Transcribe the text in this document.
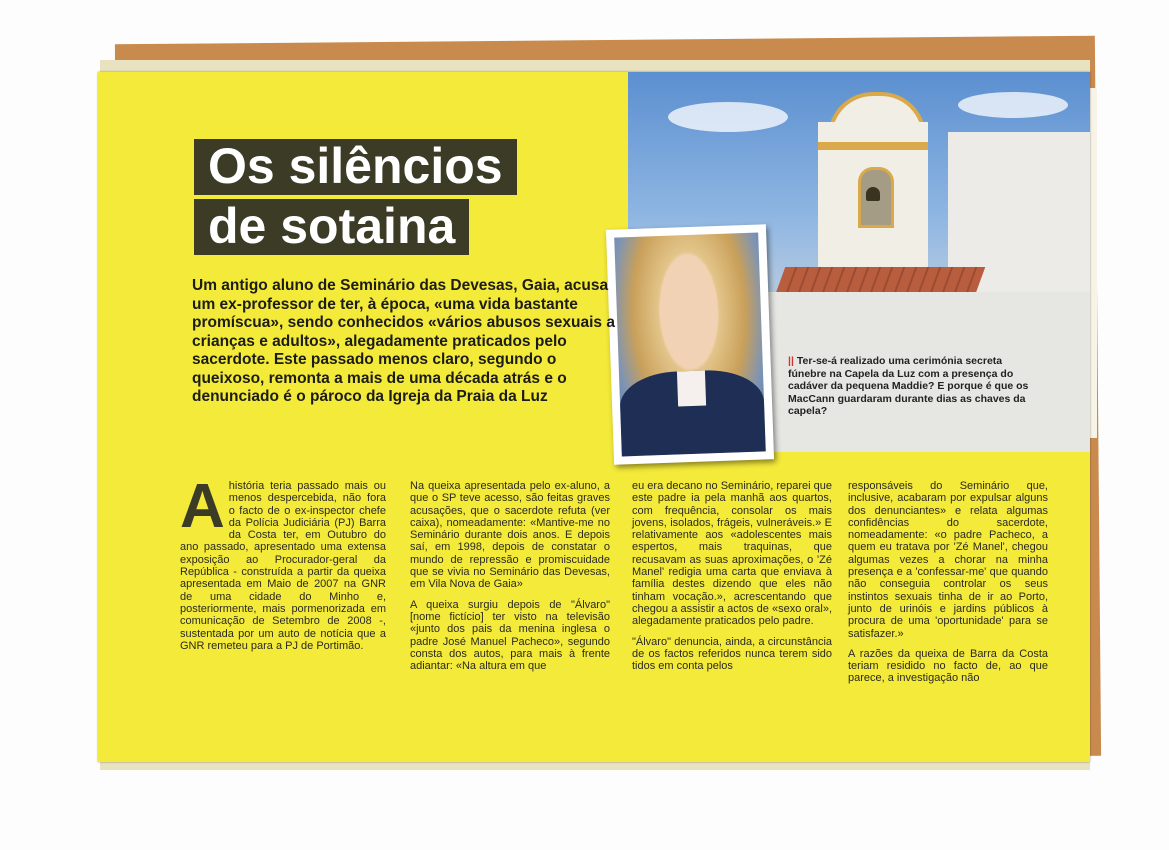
|| Ter-se-á realizado uma cerimónia secreta fúnebre na Capela da Luz com a presença do cadáver da pequena Maddie? E porque é que os MacCann guardaram durante dias as chaves da capela?
Os silêncios
de sotaina
Um antigo aluno de Seminário das Devesas, Gaia, acusa um ex-professor de ter, à época, «uma vida bastante promíscua», sendo conhecidos «vários abusos sexuais a crianças e adultos», alegadamente praticados pelo sacerdote. Este passado menos claro, segundo o queixoso, remonta a mais de uma década atrás e o denunciado é o pároco da Igreja da Praia da Luz

Ahistória teria passado mais ou menos despercebida, não fora o facto de o ex-inspector chefe da Polícia Judiciária (PJ) Barra da Costa ter, em Outubro do ano passado, apresentado uma extensa exposição ao Procurador-geral da República - construída a partir da queixa apresentada em Maio de 2007 na GNR de uma cidade do Minho e, posteriormente, mais pormenorizada em comunicação de Setembro de 2008 -, sustentada por um auto de notícia que a GNR remeteu para a PJ de Portimão.

Na queixa apresentada pelo ex-aluno, a que o SP teve acesso, são feitas graves acusações, que o sacerdote refuta (ver caixa), nomeadamente: «Mantive-me no Seminário durante dois anos. E depois saí, em 1998, depois de constatar o mundo de repressão e promiscuidade que se vivia no Seminário das Devesas, em Vila Nova de Gaia»

A queixa surgiu depois de "Álvaro" [nome fictício] ter visto na televisão «junto dos pais da menina inglesa o padre José Manuel Pacheco», segundo consta dos autos, para mais à frente adiantar: «Na altura em que

eu era decano no Seminário, reparei que este padre ia pela manhã aos quartos, com frequência, consolar os mais jovens, isolados, frágeis, vulneráveis.» E relativamente aos «adolescentes mais espertos, mais traquinas, que recusavam as suas aproximações, o 'Zé Manel' redigia uma carta que enviava à família destes dizendo que eles não tinham vocação.», acrescentando que chegou a assistir a actos de «sexo oral», alegadamente praticados pelo padre.

"Álvaro" denuncia, ainda, a circunstância de os factos referidos nunca terem sido tidos em conta pelos

responsáveis do Seminário que, inclusive, acabaram por expulsar alguns dos denunciantes» e relata algumas confidências do sacerdote, nomeadamente: «o padre Pacheco, a quem eu tratava por 'Zé Manel', chegou algumas vezes a chorar na minha presença e a 'confessar-me' que quando não conseguia controlar os seus instintos sexuais tinha de ir ao Porto, junto de urinóis e jardins públicos à procura de uma 'oportunidade' para se satisfazer.»

A razões da queixa de Barra da Costa teriam residido no facto de, ao que parece, a investigação não
